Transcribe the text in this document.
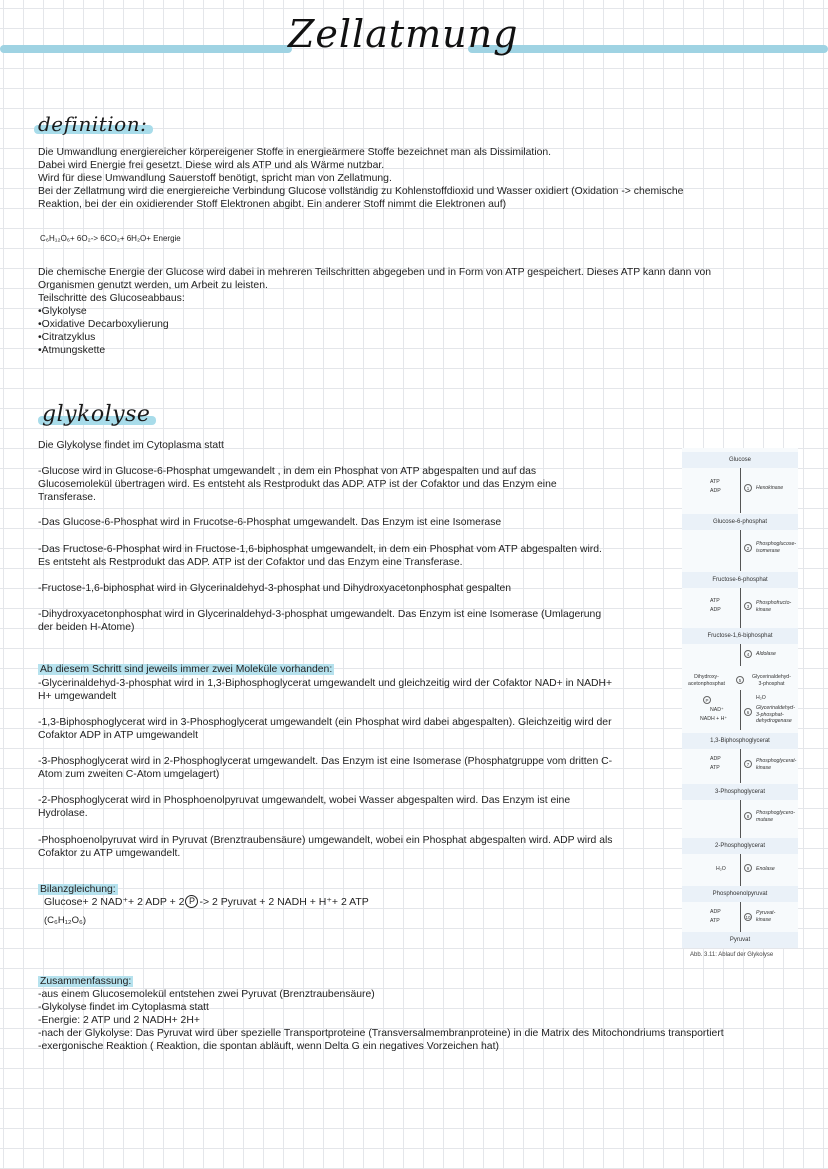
Zellatmung
definition:
Die Umwandlung energiereicher körpereigener Stoffe in energieärmere Stoffe bezeichnet man als Dissimilation.
Dabei wird Energie frei gesetzt. Diese wird als ATP und als Wärme nutzbar.
Wird für diese Umwandlung Sauerstoff benötigt, spricht man von Zellatmung.
Bei der Zellatmung wird die energiereiche Verbindung Glucose vollständig zu Kohlenstoffdioxid und Wasser oxidiert (Oxidation -> chemische
Reaktion, bei der ein oxidierender Stoff Elektronen abgibt. Ein anderer Stoff nimmt die Elektronen auf)
C₆H₁₂O₆+ 6O₂-> 6CO₂+ 6H₂O+ Energie
Die chemische Energie der Glucose wird dabei in mehreren Teilschritten abgegeben und in Form von ATP gespeichert. Dieses ATP kann dann von
Organismen genutzt werden, um Arbeit zu leisten.
Teilschritte des Glucoseabbaus:
•Glykolyse
•Oxidative Decarboxylierung
•Citratzyklus
•Atmungskette
glykolyse
Die Glykolyse findet im Cytoplasma statt
-Glucose wird in Glucose-6-Phosphat umgewandelt , in dem ein Phosphat von ATP abgespalten und auf das
Glucosemolekül übertragen wird. Es entsteht als Restprodukt das ADP. ATP ist der Cofaktor und das Enzym eine
Transferase.
-Das Glucose-6-Phosphat wird in Frucotse-6-Phosphat umgewandelt. Das Enzym ist eine Isomerase
-Das Fructose-6-Phosphat wird in Fructose-1,6-biphosphat umgewandelt, in dem ein Phosphat vom ATP abgespalten wird.
Es entsteht als Restprodukt das ADP. ATP ist der Cofaktor und das Enzym eine Transferase.
-Fructose-1,6-biphosphat wird in Glycerinaldehyd-3-phosphat und Dihydroxyacetonphosphat gespalten
-Dihydroxyacetonphosphat wird in Glycerinaldehyd-3-phosphat umgewandelt. Das Enzym ist eine Isomerase (Umlagerung
der beiden H-Atome)

Ab diesem Schritt sind jeweils immer zwei Moleküle vorhanden:

-Glycerinaldehyd-3-phosphat wird in 1,3-Biphosphoglycerat umgewandelt und gleichzeitig wird der Cofaktor NAD+ in NADH+
H+ umgewandelt
-1,3-Biphosphoglycerat wird in 3-Phosphoglycerat umgewandelt (ein Phosphat wird dabei abgespalten). Gleichzeitig wird der
Cofaktor ADP in ATP umgewandelt
-3-Phosphoglycerat wird in 2-Phosphoglycerat umgewandelt. Das Enzym ist eine Isomerase (Phosphatgruppe vom dritten C-
Atom zum zweiten C-Atom umgelagert)
-2-Phosphoglycerat wird in Phosphoenolpyruvat umgewandelt, wobei Wasser abgespalten wird. Das Enzym ist eine
Hydrolase.
-Phosphoenolpyruvat wird in Pyruvat (Brenztraubensäure) umgewandelt, wobei ein Phosphat abgespalten wird. ADP wird als
Cofaktor zu ATP umgewandelt.

Bilanzgleichung:

Glucose+ 2 NAD⁺+ 2 ADP + 2 P -> 2 Pyruvat + 2 NADH + H⁺+ 2 ATP
(C₆H₁₂O₆)

Zusammenfassung:

-aus einem Glucosemolekül entstehen zwei Pyruvat (Brenztraubensäure)
-Glykolyse findet im Cytoplasma statt
-Energie: 2 ATP und 2 NADH+ 2H+
-nach der Glykolyse: Das Pyruvat wird über spezielle Transportproteine (Transversalmembranproteine) in die Matrix des Mitochondriums transportiert
-exergonische Reaktion ( Reaktion, die spontan abläuft, wenn Delta G ein negatives Vorzeichen hat)
Glucose
ATP
ADP	1	Hexokinase
Glucose-6-phosphat
2
Phosphoglucose-
isomerase
Fructose-6-phosphat
ATP
ADP
3
Phosphofructo-
kinase
Fructose-1,6-biphosphat
4	Aldolase
Dihydroxy-
acetonphosphat	5
Glycerinaldehyd-
3-phosphat
P	H₂O
NAD⁺
NADH + H⁺
6
Glycerinaldehyd-
3-phosphat-
dehydrogenase
1,3-Biphosphoglycerat
ADP
ATP
7
Phosphoglycerat-
kinase
3-Phosphoglycerat
8
Phosphoglycero-
mutase
2-Phosphoglycerat
H₂O	9	Enolase
Phosphoenolpyruvat
ADP
ATP
10
Pyruvat-
kinase
Pyruvat
Abb. 3.11: Ablauf der Glykolyse
